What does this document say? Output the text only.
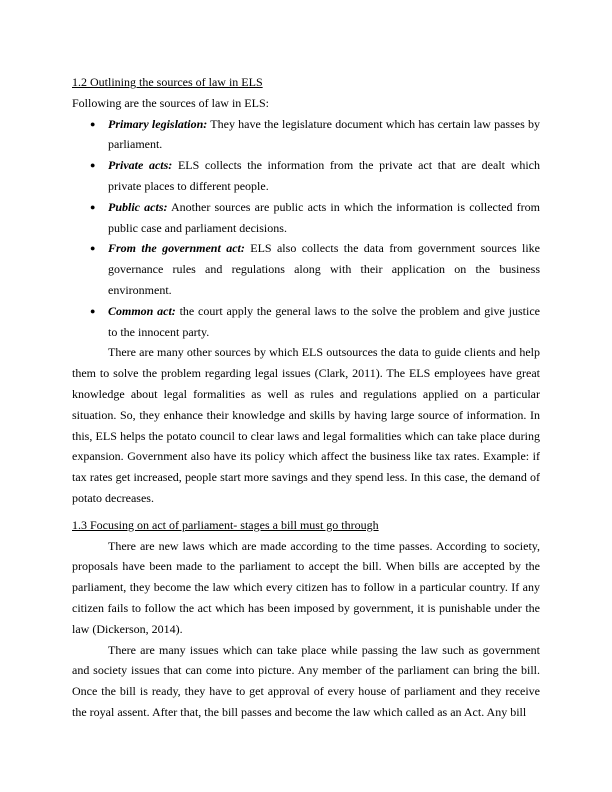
1.2 Outlining the sources of law in ELS

Following are the sources of law in ELS:

● Primary legislation: They have the legislature document which has certain law passes by parliament.
● Private acts: ELS collects the information from the private act that are dealt which private places to different people.
● Public acts: Another sources are public acts in which the information is collected from public case and parliament decisions.
● From the government act: ELS also collects the data from government sources like governance rules and regulations along with their application on the business environment.
● Common act: the court apply the general laws to the solve the problem and give justice to the innocent party.

There are many other sources by which ELS outsources the data to guide clients and help them to solve the problem regarding legal issues (Clark, 2011). The ELS employees have great knowledge about legal formalities as well as rules and regulations applied on a particular situation. So, they enhance their knowledge and skills by having large source of information. In this, ELS helps the potato council to clear laws and legal formalities which can take place during expansion. Government also have its policy which affect the business like tax rates. Example: if tax rates get increased, people start more savings and they spend less. In this case, the demand of potato decreases.

1.3 Focusing on act of parliament- stages a bill must go through

There are new laws which are made according to the time passes. According to society, proposals have been made to the parliament to accept the bill. When bills are accepted by the parliament, they become the law which every citizen has to follow in a particular country. If any citizen fails to follow the act which has been imposed by government, it is punishable under the law (Dickerson, 2014).

There are many issues which can take place while passing the law such as government and society issues that can come into picture. Any member of the parliament can bring the bill. Once the bill is ready, they have to get approval of every house of parliament and they receive the royal assent. After that, the bill passes and become the law which called as an Act. Any bill
